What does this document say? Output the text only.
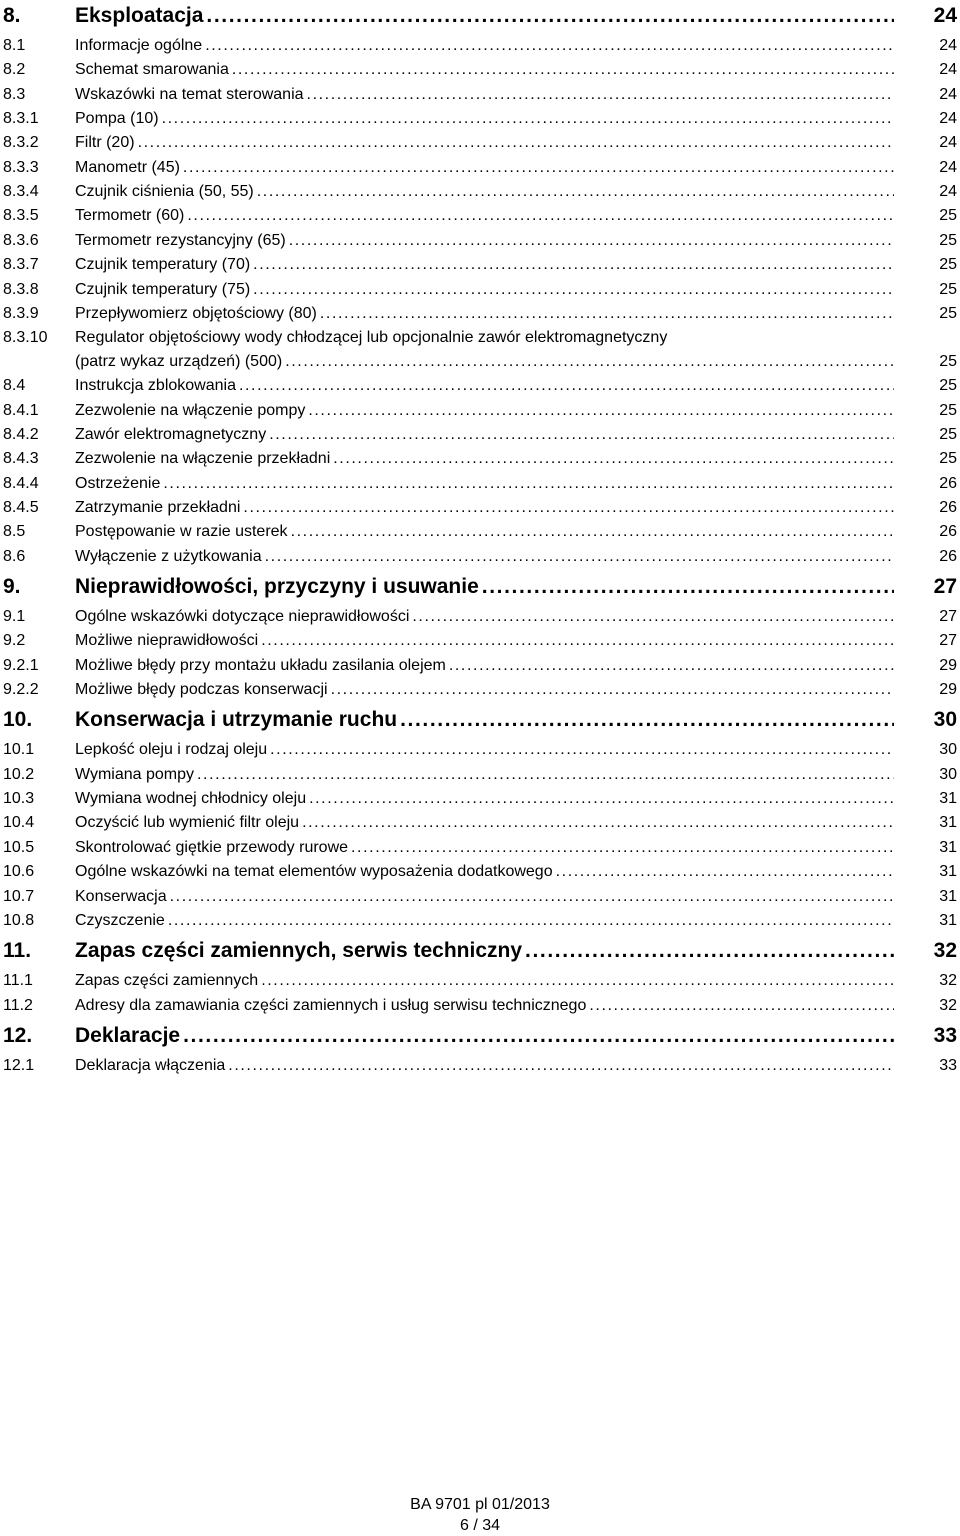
8.	Eksploatacja .....	24
8.1	Informacje ogólne .....	24
8.2	Schemat smarowania .....	24
8.3	Wskazówki na temat sterowania .....	24
8.3.1 Pompa (10) .....	24
8.3.2 Filtr (20) .....	24
8.3.3 Manometr (45) .....	24
8.3.4 Czujnik ciśnienia (50, 55) .....	24
8.3.5 Termometr (60) .....	25
8.3.6 Termometr rezystancyjny (65) .....	25
8.3.7 Czujnik temperatury (70) .....	25
8.3.8 Czujnik temperatury (75) .....	25
8.3.9 Przepływomierz objętościowy (80) .....	25
8.3.10 Regulator objętościowy wody chłodzącej lub opcjonalnie zawór elektromagnetyczny
(patrz wykaz urządzeń) (500) .....	25
8.4	Instrukcja zblokowania .....	25
8.4.1 Zezwolenie na włączenie pompy .....	25
8.4.2 Zawór elektromagnetyczny .....	25
8.4.3 Zezwolenie na włączenie przekładni .....	25
8.4.4 Ostrzeżenie .....	26
8.4.5 Zatrzymanie przekładni .....	26
8.5	Postępowanie w razie usterek .....	26
8.6	Wyłączenie z użytkowania .....	26
9.	Nieprawidłowości, przyczyny i usuwanie .....	27
9.1	Ogólne wskazówki dotyczące nieprawidłowości .....	27
9.2	Możliwe nieprawidłowości .....	27
9.2.1 Możliwe błędy przy montażu układu zasilania olejem .....	29
9.2.2 Możliwe błędy podczas konserwacji .....	29
10. Konserwacja i utrzymanie ruchu .....	30
10.1	Lepkość oleju i rodzaj oleju .....	30
10.2	Wymiana pompy .....	30
10.3	Wymiana wodnej chłodnicy oleju .....	31
10.4	Oczyścić lub wymienić filtr oleju .....	31
10.5	Skontrolować giętkie przewody rurowe .....	31
10.6	Ogólne wskazówki na temat elementów wyposażenia dodatkowego .....	31
10.7	Konserwacja .....	31
10.8	Czyszczenie .....	31
11. Zapas części zamiennych, serwis techniczny .....	32
11.1	Zapas części zamiennych .....	32
11.2	Adresy dla zamawiania części zamiennych i usług serwisu technicznego .....	32
12. Deklaracje .....	33
12.1	Deklaracja włączenia .....	33
BA 9701 pl 01/2013
6 / 34
